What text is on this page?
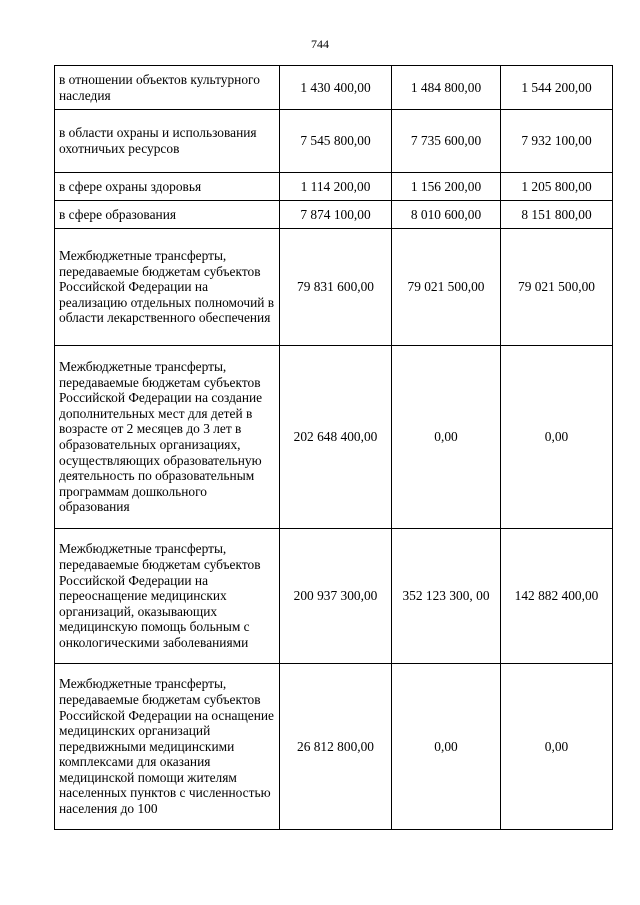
744
в отношении объектов культурного наследия	1 430 400,00	1 484 800,00	1 544 200,00
в области охраны и использования охотничьих ресурсов	7 545 800,00	7 735 600,00	7 932 100,00
в сфере охраны здоровья	1 114 200,00	1 156 200,00	1 205 800,00
в сфере образования	7 874 100,00	8 010 600,00	8 151 800,00
Межбюджетные трансферты, передаваемые бюджетам субъектов Российской Федерации на реализацию отдельных полномочий в области лекарственного обеспечения	79 831 600,00	79 021 500,00	79 021 500,00
Межбюджетные трансферты, передаваемые бюджетам субъектов Российской Федерации на создание дополнительных мест для детей в возрасте от 2 месяцев до 3 лет в образовательных организациях, осуществляющих образовательную деятельность по образовательным программам дошкольного образования	202 648 400,00	0,00	0,00
Межбюджетные трансферты, передаваемые бюджетам субъектов Российской Федерации на переоснащение медицинских организаций, оказывающих медицинскую помощь больным с онкологическими заболеваниями	200 937 300,00	352 123 300, 00	142 882 400,00
Межбюджетные трансферты, передаваемые бюджетам субъектов Российской Федерации на оснащение медицинских организаций передвижными медицинскими комплексами для оказания медицинской помощи жителям населенных пунктов с численностью населения до 100	26 812 800,00	0,00	0,00
